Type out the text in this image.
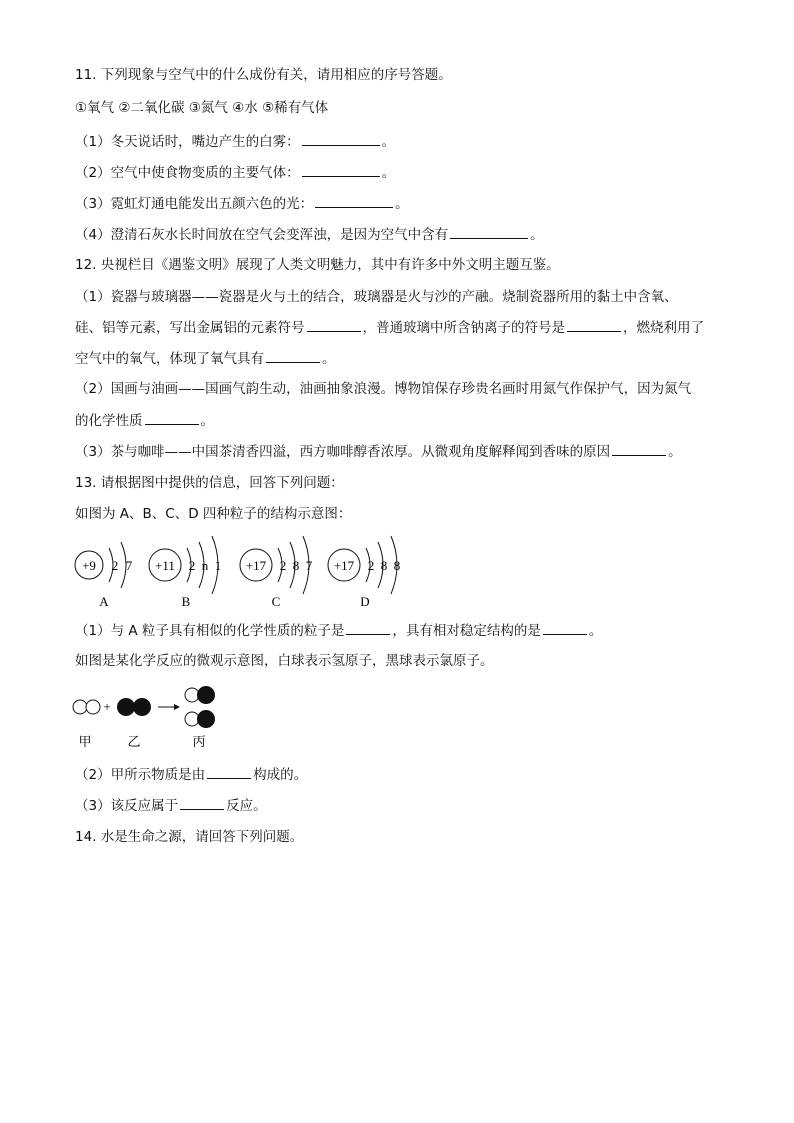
11. 下列现象与空气中的什么成份有关，请用相应的序号答题。
①氧气 ②二氧化碳 ③氮气 ④水 ⑤稀有气体
（1）冬天说话时，嘴边产生的白雾：	。
（2）空气中使食物变质的主要气体：	。
（3）霓虹灯通电能发出五颜六色的光：	。
（4）澄清石灰水长时间放在空气会变浑浊，是因为空气中含有	。
12. 央视栏目《遇鉴文明》展现了人类文明魅力，其中有许多中外文明主题互鉴。
（1）瓷器与玻璃器——瓷器是火与土的结合，玻璃器是火与沙的产融。烧制瓷器所用的黏土中含氧、
硅、铝等元素，写出金属铝的元素符号	，普通玻璃中所含钠离子的符号是	，燃烧利用了
空气中的氧气，体现了氧气具有	。
（2）国画与油画——国画气韵生动，油画抽象浪漫。博物馆保存珍贵名画时用氮气作保护气，因为氮气
的化学性质	。
（3）茶与咖啡——中国茶清香四溢，西方咖啡醇香浓厚。从微观角度解释闻到香味的原因	。
13. 请根据图中提供的信息，回答下列问题：
如图为 A、B、C、D 四种粒子的结构示意图：
+9 2 7
A
+11 2 n 1
B
+17 2 8 7
C
+17 2 8 8
D
（1）与 A 粒子具有相似的化学性质的粒子是	，具有相对稳定结构的是	。
如图是某化学反应的微观示意图，白球表示氢原子，黑球表示氯原子。
+
甲	乙	丙
（2）甲所示物质是由	构成的。
（3）该反应属于	反应。
14. 水是生命之源，请回答下列问题。
